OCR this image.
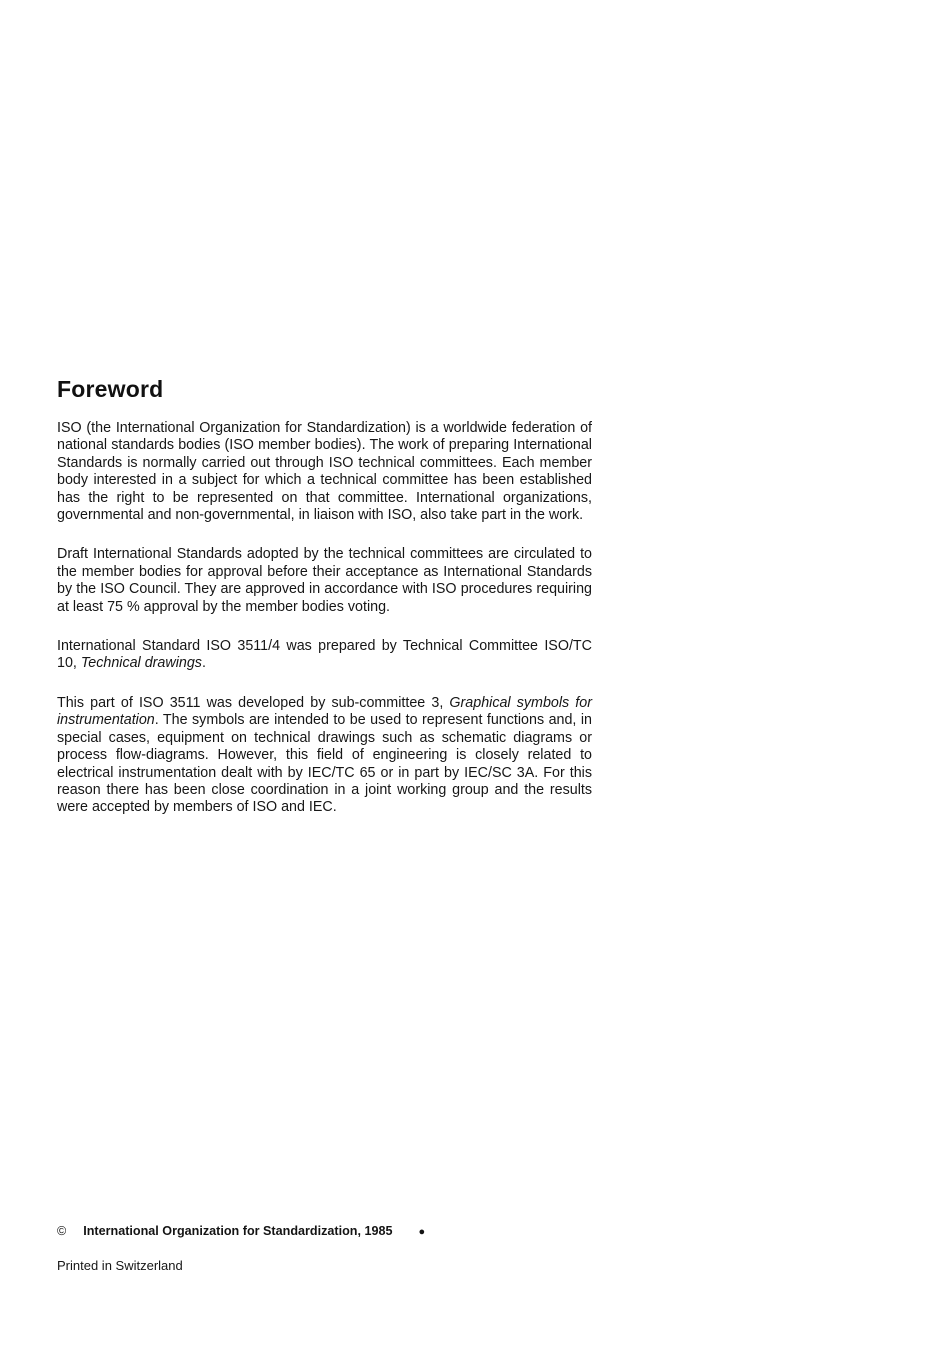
Foreword

ISO (the International Organization for Standardization) is a worldwide federation of national standards bodies (ISO member bodies). The work of preparing International Standards is normally carried out through ISO technical committees. Each member body interested in a subject for which a technical committee has been established has the right to be represented on that committee. International organizations, governmental and non-governmental, in liaison with ISO, also take part in the work.

Draft International Standards adopted by the technical committees are circulated to the member bodies for approval before their acceptance as International Standards by the ISO Council. They are approved in accordance with ISO procedures requiring at least 75 % approval by the member bodies voting.

International Standard ISO 3511/4 was prepared by Technical Committee ISO/TC 10, Technical drawings.

This part of ISO 3511 was developed by sub-committee 3, Graphical symbols for instrumentation. The symbols are intended to be used to represent functions and, in special cases, equipment on technical drawings such as schematic diagrams or process flow-diagrams. However, this field of engineering is closely related to electrical instrumentation dealt with by IEC/TC 65 or in part by IEC/SC 3A. For this reason there has been close coordination in a joint working group and the results were accepted by members of ISO and IEC.

© International Organization for Standardization, 1985 ●
Printed in Switzerland
